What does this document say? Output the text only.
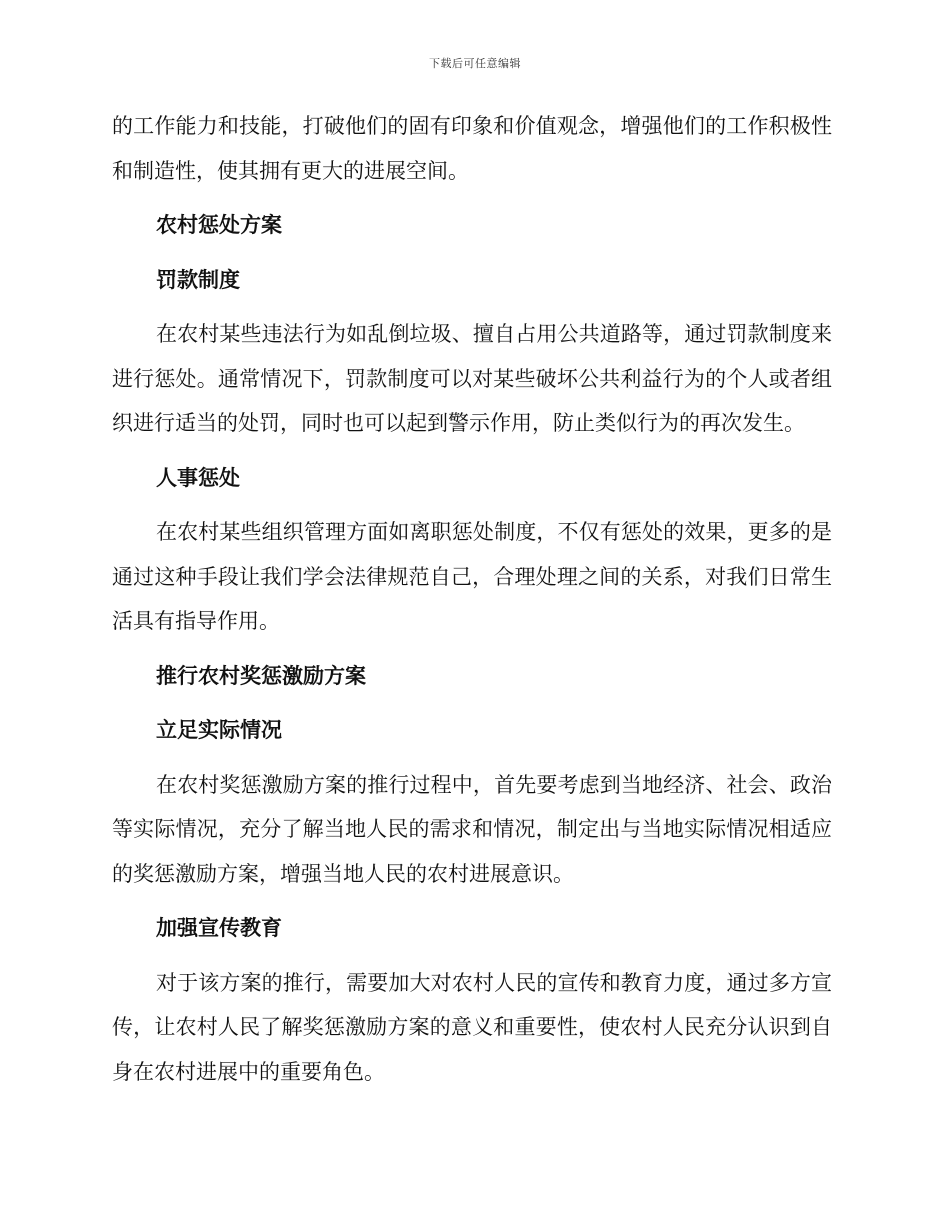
下载后可任意编辑

的工作能力和技能，打破他们的固有印象和价值观念，增强他们的工作积极性和制造性，使其拥有更大的进展空间。

农村惩处方案
罚款制度

在农村某些违法行为如乱倒垃圾、擅自占用公共道路等，通过罚款制度来进行惩处。通常情况下，罚款制度可以对某些破坏公共利益行为的个人或者组织进行适当的处罚，同时也可以起到警示作用，防止类似行为的再次发生。

人事惩处

在农村某些组织管理方面如离职惩处制度，不仅有惩处的效果，更多的是通过这种手段让我们学会法律规范自己，合理处理之间的关系，对我们日常生活具有指导作用。

推行农村奖惩激励方案
立足实际情况

在农村奖惩激励方案的推行过程中，首先要考虑到当地经济、社会、政治等实际情况，充分了解当地人民的需求和情况，制定出与当地实际情况相适应的奖惩激励方案，增强当地人民的农村进展意识。

加强宣传教育

对于该方案的推行，需要加大对农村人民的宣传和教育力度，通过多方宣传，让农村人民了解奖惩激励方案的意义和重要性，使农村人民充分认识到自身在农村进展中的重要角色。
